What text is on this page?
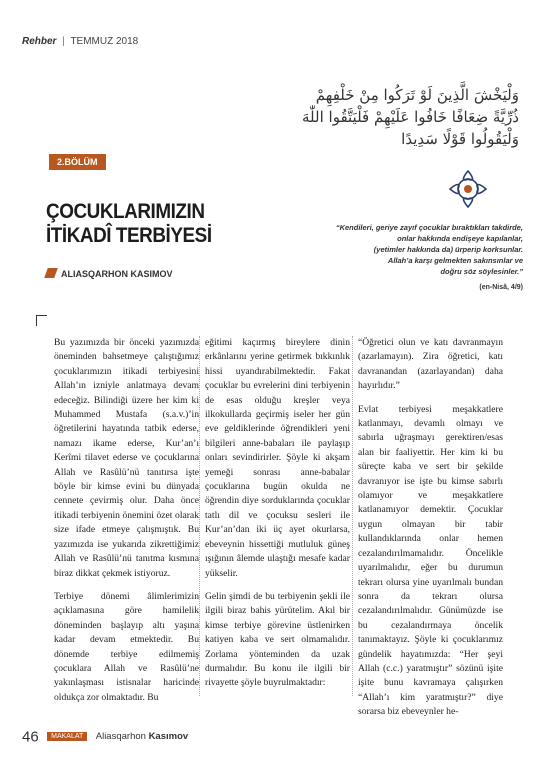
Rehber | TEMMUZ 2018
وَلْيَخْشَ الَّذِينَ لَوْ تَرَكُوا مِنْ خَلْفِهِمْ
ذُرِّيَّةً ضِعَافًا خَافُوا عَلَيْهِمْ فَلْيَتَّقُوا اللّٰهَ
وَلْيَقُولُوا قَوْلًا سَدِيدًا
2.BÖLÜM
ÇOCUKLARIMIZIN
İTİKADÎ TERBİYESİ	“Kendileri, geriye zayıf çocuklar bıraktıkları takdirde,
onlar hakkında endişeye kapılanlar,
(yetimler hakkında da) ürperip korksunlar.
Allah’a karşı gelmekten sakınsınlar ve
doğru söz söylesinler.”
(en-Nisâ, 4/9)
ALIASQARHON KASIMOV

Bu yazımızda bir önceki yazımızda öneminden bahsetmeye çalıştığımız çocuklarımızın itikadi terbiyesini Allah’ın izniyle anlatmaya devam edeceğiz. Bilindiği üzere her kim ki Muhammed Mustafa (s.a.v.)’in öğretilerini hayatında tatbik ederse, namazı ikame ederse, Kur’an’ı Kerîmi tilavet ederse ve çocuklarına Allah ve Rasûlü’nü tanıtırsa işte böyle bir kimse evini bu dünyada cennete çevirmiş olur. Daha önce itikadi terbiyenin önemini özet olarak size ifade etmeye çalışmıştık. Bu yazımızda ise yukarıda zikrettiğimiz Allah ve Rasûlü’nü tanıtma kısmına biraz dikkat çekmek istiyoruz.

Terbiye dönemi âlimlerimizin açıklamasına göre hamilelik döneminden başlayıp altı yaşına kadar devam etmektedir. Bu dönemde terbiye edilmemiş çocuklara Allah ve Rasûlü’ne yakınlaşması istisnalar haricinde oldukça zor olmaktadır. Bu

eğitimi kaçırmış bireylere dinin erkânlarını yerine getirmek bıkkınlık hissi uyandırabilmektedir. Fakat çocuklar bu evrelerini dini terbiyenin de esas olduğu kreşler veya ilkokullarda geçirmiş iseler her gün eve geldiklerinde öğrendikleri yeni bilgileri anne-babaları ile paylaşıp onları sevindirirler. Şöyle ki akşam yemeği sonrası anne-babalar çocuklarına bugün okulda ne öğrendin diye sorduklarında çocuklar tatlı dil ve çocuksu sesleri ile Kur’an’dan iki üç ayet okurlarsa, ebeveynin hissettiği mutluluk güneş ışığının âlemde ulaştığı mesafe kadar yükselir.

Gelin şimdi de bu terbiyenin şekli ile ilgili biraz bahis yürütelim. Akıl bir kimse terbiye görevine üstlenirken katiyen kaba ve sert olmamalıdır. Zorlama yönteminden da uzak durmalıdır. Bu konu ile ilgili bir rivayette şöyle buyrulmaktadır:

“Öğretici olun ve katı davranmayın (azarlamayın). Zira öğretici, katı davranandan (azarlayandan) daha hayırlıdır.”

Evlat terbiyesi meşakkatlere katlanmayı, devamlı olmayı ve sabırla uğraşmayı gerektiren/esas alan bir faaliyettir. Her kim ki bu süreçte kaba ve sert bir şekilde davranıyor ise işte bu kimse sabırlı olamıyor ve meşakkatlere katlanamıyor demektir. Çocuklar uygun olmayan bir tabir kullandıklarında onlar hemen cezalandırılmamalıdır. Öncelikle uyarılmalıdır, eğer bu durumun tekrarı olursa yine uyarılmalı bundan sonra da tekrarı olursa cezalandırılmalıdır. Günümüzde ise bu cezalandırmaya öncelik tanımaktayız. Şöyle ki çocuklarımız gündelik hayatımızda: “Her şeyi Allah (c.c.) yaratmıştır” sözünü işite işite bunu kavramaya çalışırken “Allah’ı kim yaratmıştır?” diye sorarsa biz ebeveynler he-

46 MAKALAT Aliasqarhon Kasımov
